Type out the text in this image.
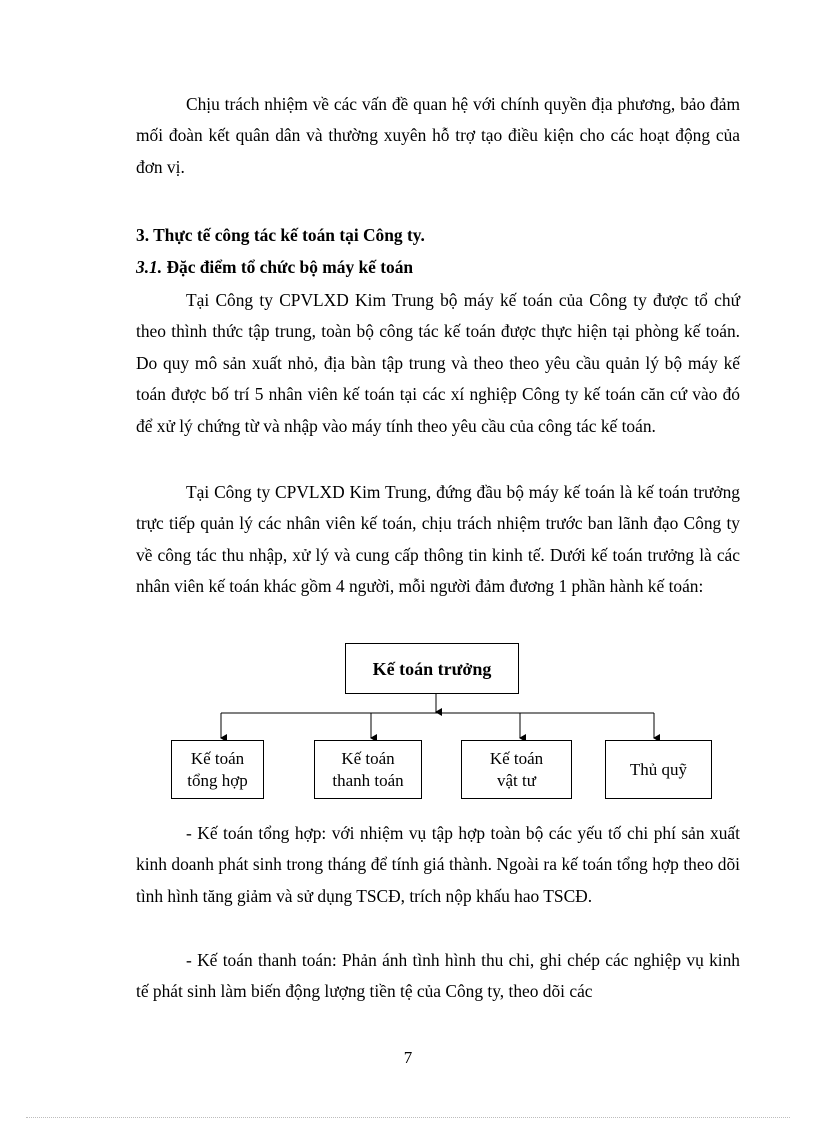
Chịu trách nhiệm về các vấn đề quan hệ với chính quyền địa phương, bảo đảm mối đoàn kết quân dân và thường xuyên hỗ trợ tạo điều kiện cho các hoạt động của đơn vị.

3. Thực tế công tác kế toán tại Công ty.

3.1. Đặc điểm tổ chức bộ máy kế toán

Tại Công ty CPVLXD Kim Trung bộ máy kế toán của Công ty được tổ chứ theo thình thức tập trung, toàn bộ công tác kế toán được thực hiện tại phòng kế toán. Do quy mô sản xuất nhỏ, địa bàn tập trung và theo theo yêu cầu quản lý bộ máy kế toán được bố trí 5 nhân viên kế toán tại các xí nghiệp Công ty kế toán căn cứ vào đó để xử lý chứng từ và nhập vào máy tính theo yêu cầu của công tác kế toán.

Tại Công ty CPVLXD Kim Trung, đứng đầu bộ máy kế toán là kế toán trưởng trực tiếp quản lý các nhân viên kế toán, chịu trách nhiệm trước ban lãnh đạo Công ty về công tác thu nhập, xử lý và cung cấp thông tin kinh tế. Dưới kế toán trưởng là các nhân viên kế toán khác gồm 4 người, mỗi người đảm đương 1 phần hành kế toán:

Kế toán trưởng
Kế toán
tổng hợp
Kế toán
thanh toán
Kế toán
vật tư
Thủ quỹ

- Kế toán tổng hợp: với nhiệm vụ tập hợp toàn bộ các yếu tố chi phí sản xuất kinh doanh phát sinh trong tháng để tính giá thành. Ngoài ra kế toán tổng hợp theo dõi tình hình tăng giảm và sử dụng TSCĐ, trích nộp khấu hao TSCĐ.

- Kế toán thanh toán: Phản ánh tình hình thu chi, ghi chép các nghiệp vụ kinh tế phát sinh làm biến động lượng tiền tệ của Công ty, theo dõi các

7
